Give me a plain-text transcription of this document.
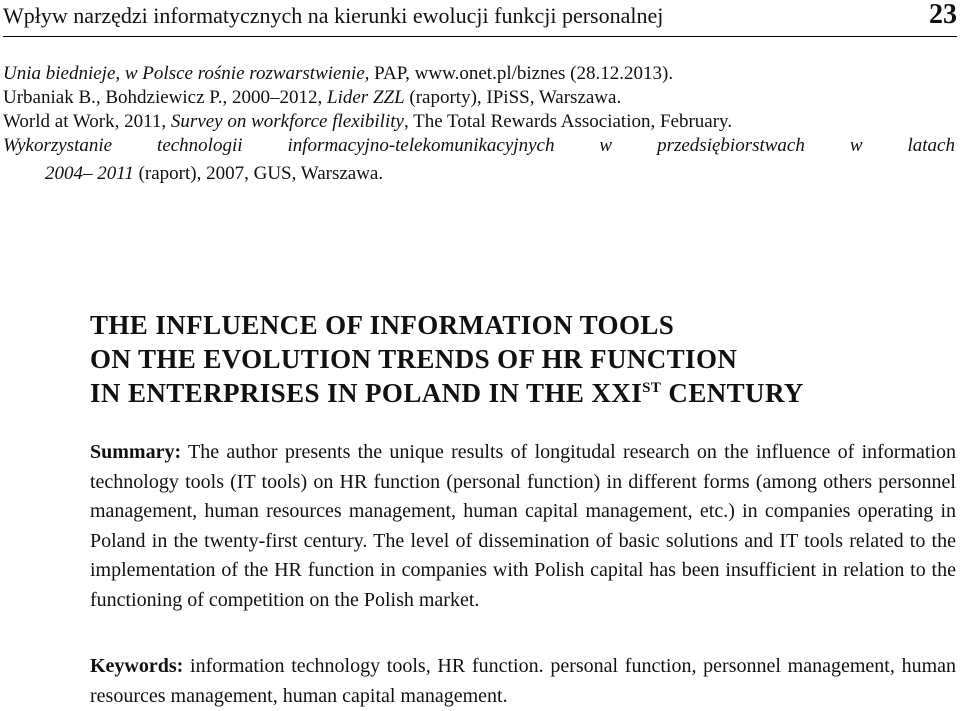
Wpływ narzędzi informatycznych na kierunki ewolucji funkcji personalnej	23
Unia biednieje, w Polsce rośnie rozwarstwienie, PAP, www.onet.pl/biznes (28.12.2013).
Urbaniak B., Bohdziewicz P., 2000–2012, Lider ZZL (raporty), IPiSS, Warszawa.
World at Work, 2011, Survey on workforce flexibility, The Total Rewards Association, February.
Wykorzystanie technologii informacyjno-telekomunikacyjnych w przedsiębiorstwach w latach
2004– 2011 (raport), 2007, GUS, Warszawa.
THE INFLUENCE OF INFORMATION TOOLS
ON THE EVOLUTION TRENDS OF HR FUNCTION
IN ENTERPRISES IN POLAND IN THE XXIST CENTURY
Summary: The author presents the unique results of longitudal research on the influence of information technology tools (IT tools) on HR function (personal function) in different forms (among others personnel management, human resources management, human capital management, etc.) in companies operating in Poland in the twenty-first century. The level of dissemination of basic solutions and IT tools related to the implementation of the HR function in companies with Polish capital has been insufficient in relation to the functioning of competition on the Polish market.
Keywords: information technology tools, HR function. personal function, personnel management, human resources management, human capital management.
